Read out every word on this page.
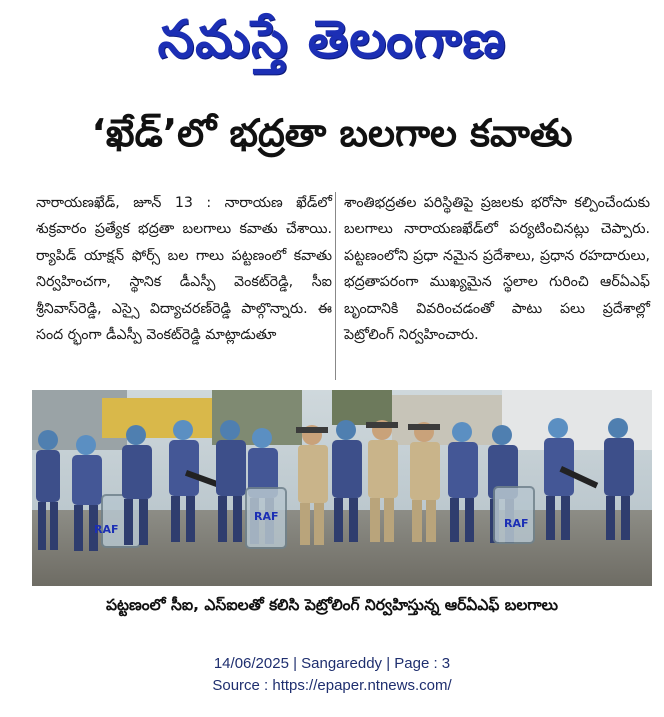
నమస్తే తెలంగాణ
‘ఖేడ్’లో భద్రతా బలగాల కవాతు
నారాయణఖేడ్, జూన్ 13 : నారాయణ ఖేడ్‌లో శుక్రవారం ప్రత్యేక భద్రతా బలగాలు కవాతు చేశాయి. ర్యాపిడ్ యాక్షన్ ఫోర్స్ బల గాలు పట్టణంలో కవాతు నిర్వహించగా, స్థానిక డీఎస్పీ వెంకట్‌రెడ్డి, సీఐ శ్రీనివాస్‌రెడ్డి, ఎస్సై విద్యాచరణ్‌రెడ్డి పాల్గొన్నారు. ఈ సంద ర్భంగా డీఎస్పీ వెంకట్‌రెడ్డి మాట్లాడుతూ
శాంతిభద్రతల పరిస్థితిపై ప్రజలకు భరోసా కల్పించేందుకు బలగాలు నారాయణఖేడ్‌లో పర్యటించినట్లు చెప్పారు. పట్టణంలోని ప్రధా నమైన ప్రదేశాలు, ప్రధాన రహదారులు, భద్రతాపరంగా ముఖ్యమైన స్థలాల గురించి ఆర్‌ఏఎఫ్ బృందానికి వివరించడంతో పాటు పలు ప్రదేశాల్లో పెట్రోలింగ్ నిర్వహించారు.
RAF
RAF
RAF
పట్టణంలో సీఐ, ఎస్‌ఐలతో కలిసి పెట్రోలింగ్ నిర్వహిస్తున్న ఆర్‌ఏఎఫ్ బలగాలు
14/06/2025 | Sangareddy | Page : 3
Source : https://epaper.ntnews.com/
